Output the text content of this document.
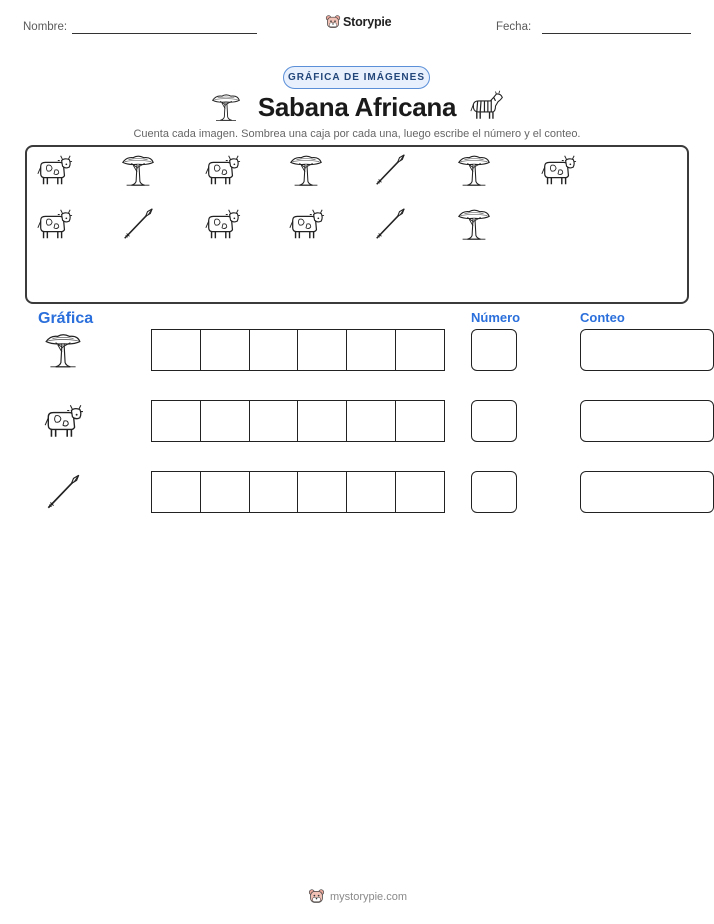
Nombre:	Storypie	Fecha:
GRÁFICA DE IMÁGENES
Sabana Africana
Cuenta cada imagen. Sombrea una caja por cada una, luego escribe el número y el conteo.
Gráfica	Número	Conteo
mystorypie.com
